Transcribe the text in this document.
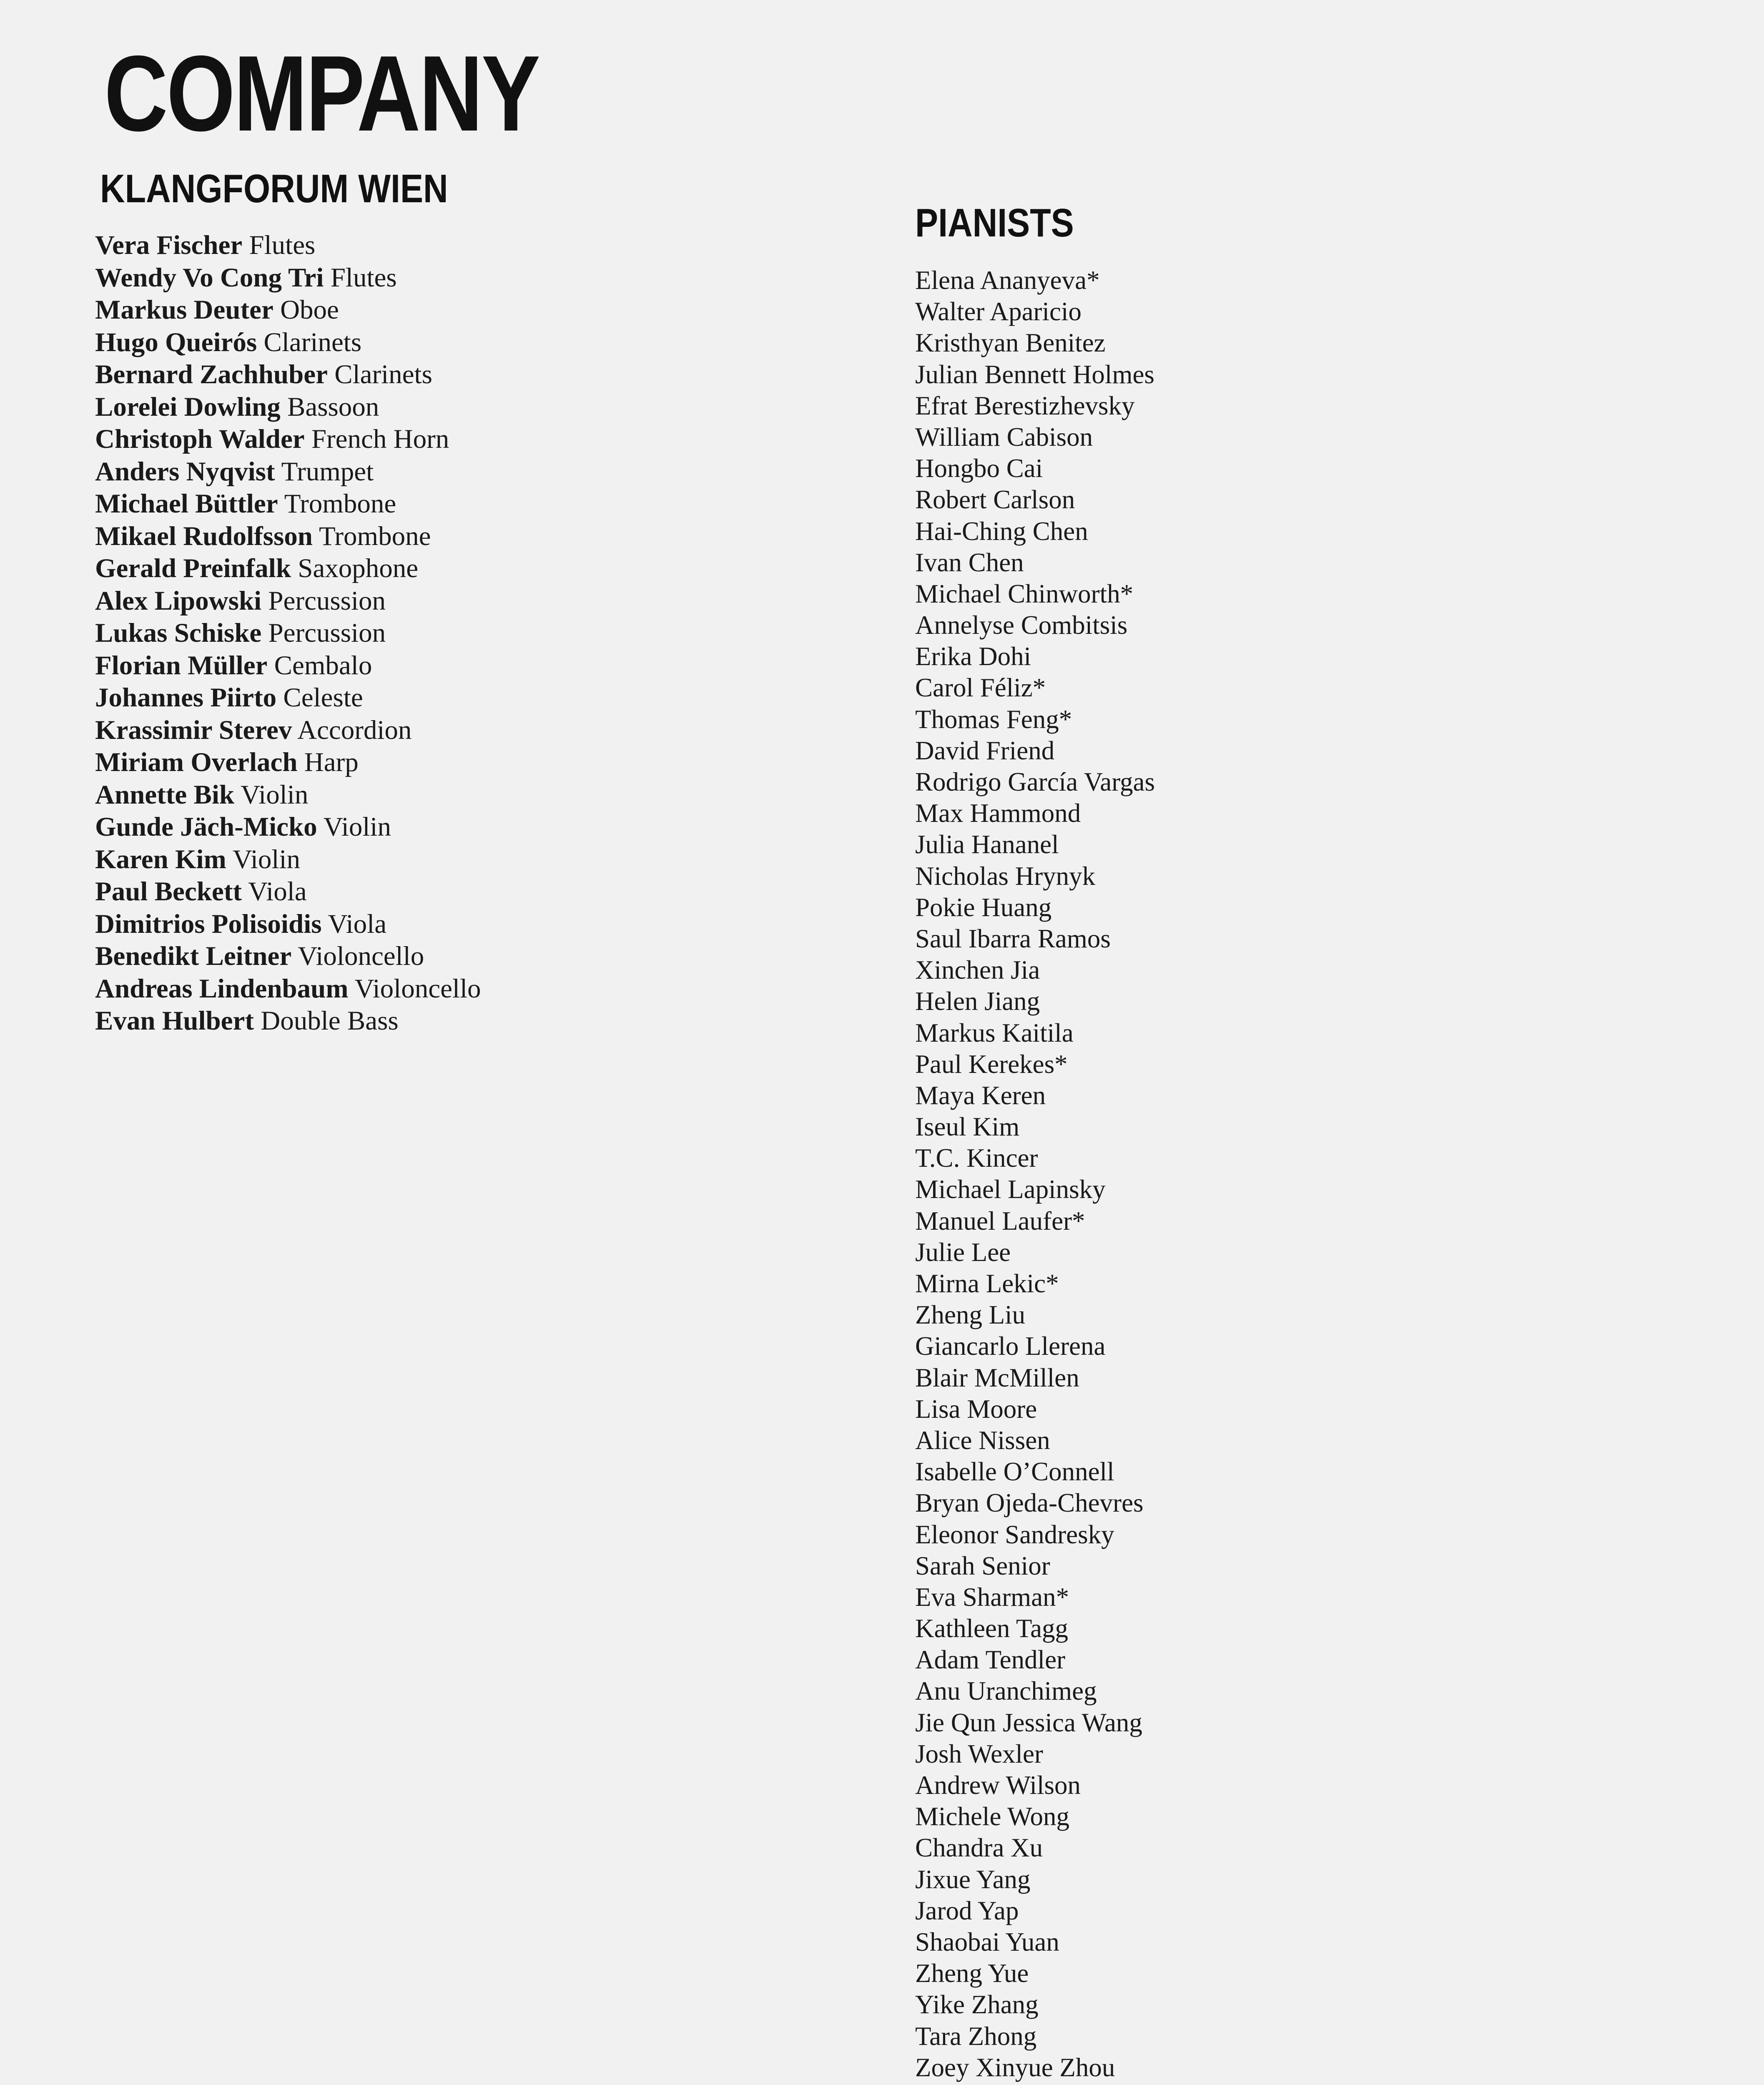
COMPANY
KLANGFORUM WIEN
Vera Fischer Flutes
Wendy Vo Cong Tri Flutes
Markus Deuter Oboe
Hugo Queirós Clarinets
Bernard Zachhuber Clarinets
Lorelei Dowling Bassoon
Christoph Walder French Horn
Anders Nyqvist Trumpet
Michael Büttler Trombone
Mikael Rudolfsson Trombone
Gerald Preinfalk Saxophone
Alex Lipowski Percussion
Lukas Schiske Percussion
Florian Müller Cembalo
Johannes Piirto Celeste
Krassimir Sterev Accordion
Miriam Overlach Harp
Annette Bik Violin
Gunde Jäch-Micko Violin
Karen Kim Violin
Paul Beckett Viola
Dimitrios Polisoidis Viola
Benedikt Leitner Violoncello
Andreas Lindenbaum Violoncello
Evan Hulbert Double Bass
PIANISTS
Elena Ananyeva*
Walter Aparicio
Kristhyan Benitez
Julian Bennett Holmes
Efrat Berestizhevsky
William Cabison
Hongbo Cai
Robert Carlson
Hai-Ching Chen
Ivan Chen
Michael Chinworth*
Annelyse Combitsis
Erika Dohi
Carol Féliz*
Thomas Feng*
David Friend
Rodrigo García Vargas
Max Hammond
Julia Hananel
Nicholas Hrynyk
Pokie Huang
Saul Ibarra Ramos
Xinchen Jia
Helen Jiang
Markus Kaitila
Paul Kerekes*
Maya Keren
Iseul Kim
T.C. Kincer
Michael Lapinsky
Manuel Laufer*
Julie Lee
Mirna Lekic*
Zheng Liu
Giancarlo Llerena
Blair McMillen
Lisa Moore
Alice Nissen
Isabelle O’Connell
Bryan Ojeda-Chevres
Eleonor Sandresky
Sarah Senior
Eva Sharman*
Kathleen Tagg
Adam Tendler
Anu Uranchimeg
Jie Qun Jessica Wang
Josh Wexler
Andrew Wilson
Michele Wong
Chandra Xu
Jixue Yang
Jarod Yap
Shaobai Yuan
Zheng Yue
Yike Zhang
Tara Zhong
Zoey Xinyue Zhou
